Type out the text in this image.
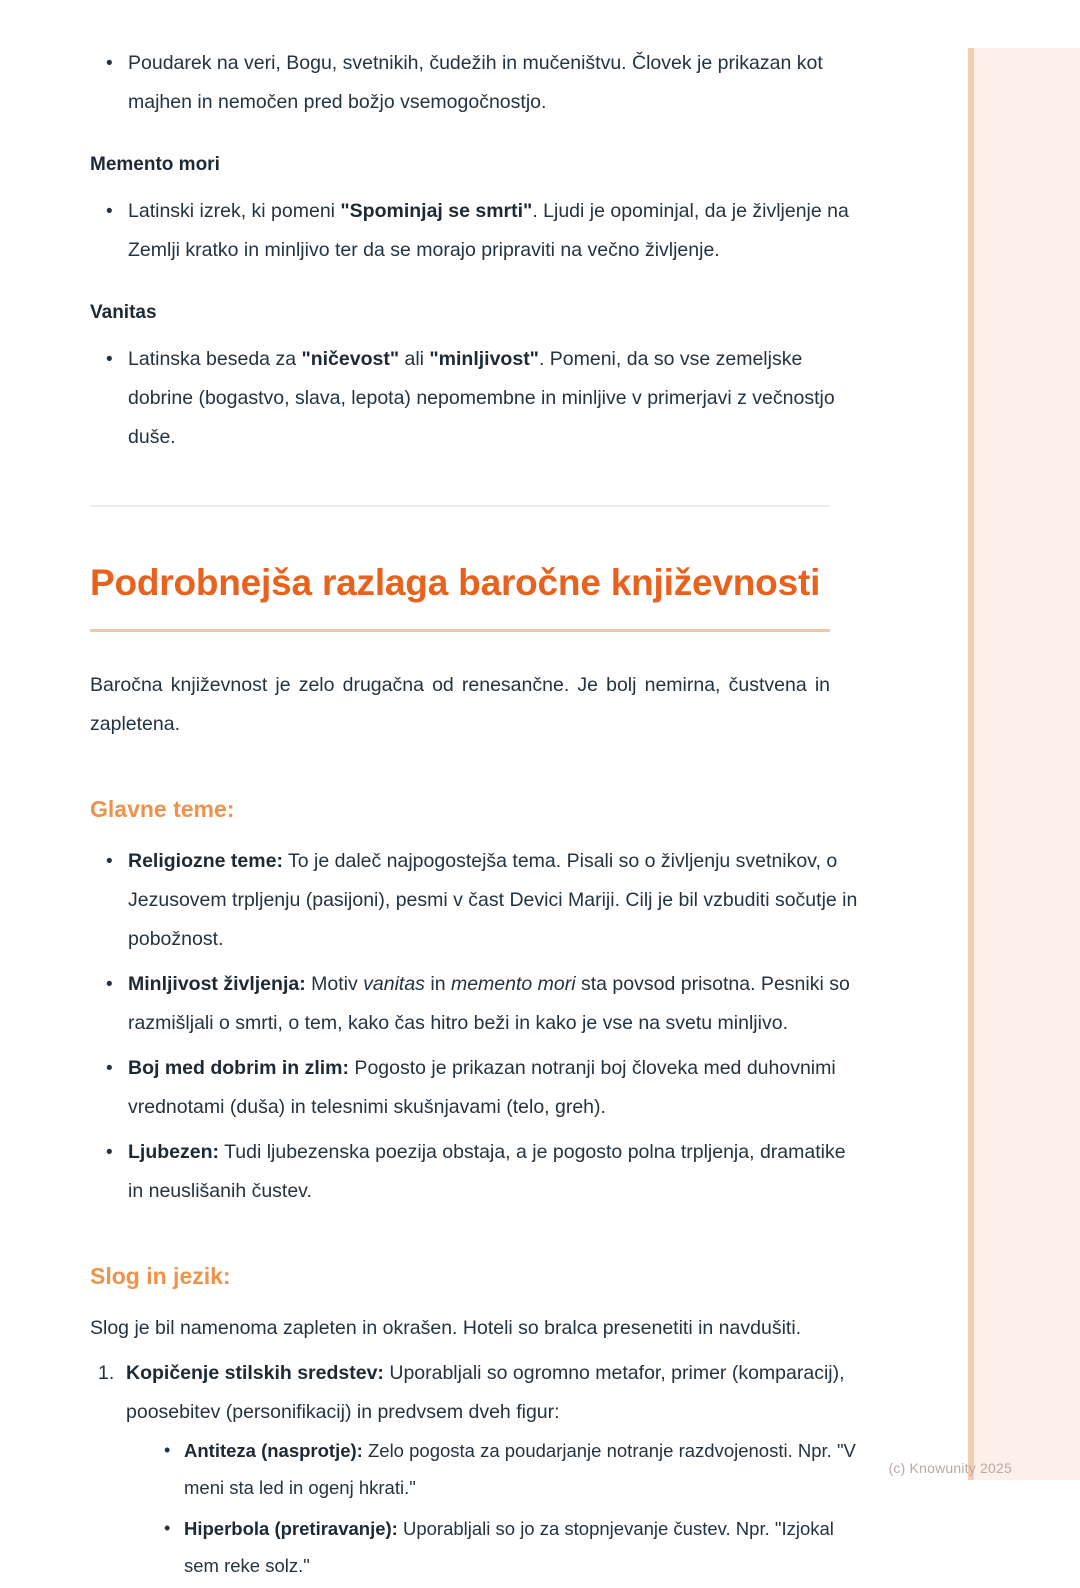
• Poudarek na veri, Bogu, svetnikih, čudežih in mučeništvu. Človek je prikazan kot majhen in nemočen pred božjo vsemogočnostjo.
Memento mori
• Latinski izrek, ki pomeni "Spominjaj se smrti". Ljudi je opominjal, da je življenje na Zemlji kratko in minljivo ter da se morajo pripraviti na večno življenje.
Vanitas
• Latinska beseda za "ničevost" ali "minljivost". Pomeni, da so vse zemeljske dobrine (bogastvo, slava, lepota) nepomembne in minljive v primerjavi z večnostjo duše.
Podrobnejša razlaga baročne književnosti

Baročna književnost je zelo drugačna od renesančne. Je bolj nemirna, čustvena in zapletena.

Glavne teme:
• Religiozne teme: To je daleč najpogostejša tema. Pisali so o življenju svetnikov, o Jezusovem trpljenju (pasijoni), pesmi v čast Devici Mariji. Cilj je bil vzbuditi sočutje in pobožnost.
• Minljivost življenja: Motiv vanitas in memento mori sta povsod prisotna. Pesniki so razmišljali o smrti, o tem, kako čas hitro beži in kako je vse na svetu minljivo.
• Boj med dobrim in zlim: Pogosto je prikazan notranji boj človeka med duhovnimi vrednotami (duša) in telesnimi skušnjavami (telo, greh).
• Ljubezen: Tudi ljubezenska poezija obstaja, a je pogosto polna trpljenja, dramatike in neuslišanih čustev.
Slog in jezik:

Slog je bil namenoma zapleten in okrašen. Hoteli so bralca presenetiti in navdušiti.

Kopičenje stilskih sredstev: Uporabljali so ogromno metafor, primer (komparacij), poosebitev (personifikacij) in predvsem dveh figur:
• Antiteza (nasprotje): Zelo pogosta za poudarjanje notranje razdvojenosti. Npr. "V meni sta led in ogenj hkrati."
• Hiperbola (pretiravanje): Uporabljali so jo za stopnjevanje čustev. Npr. "Izjokal sem reke solz."
(c) Knowunity 2025
